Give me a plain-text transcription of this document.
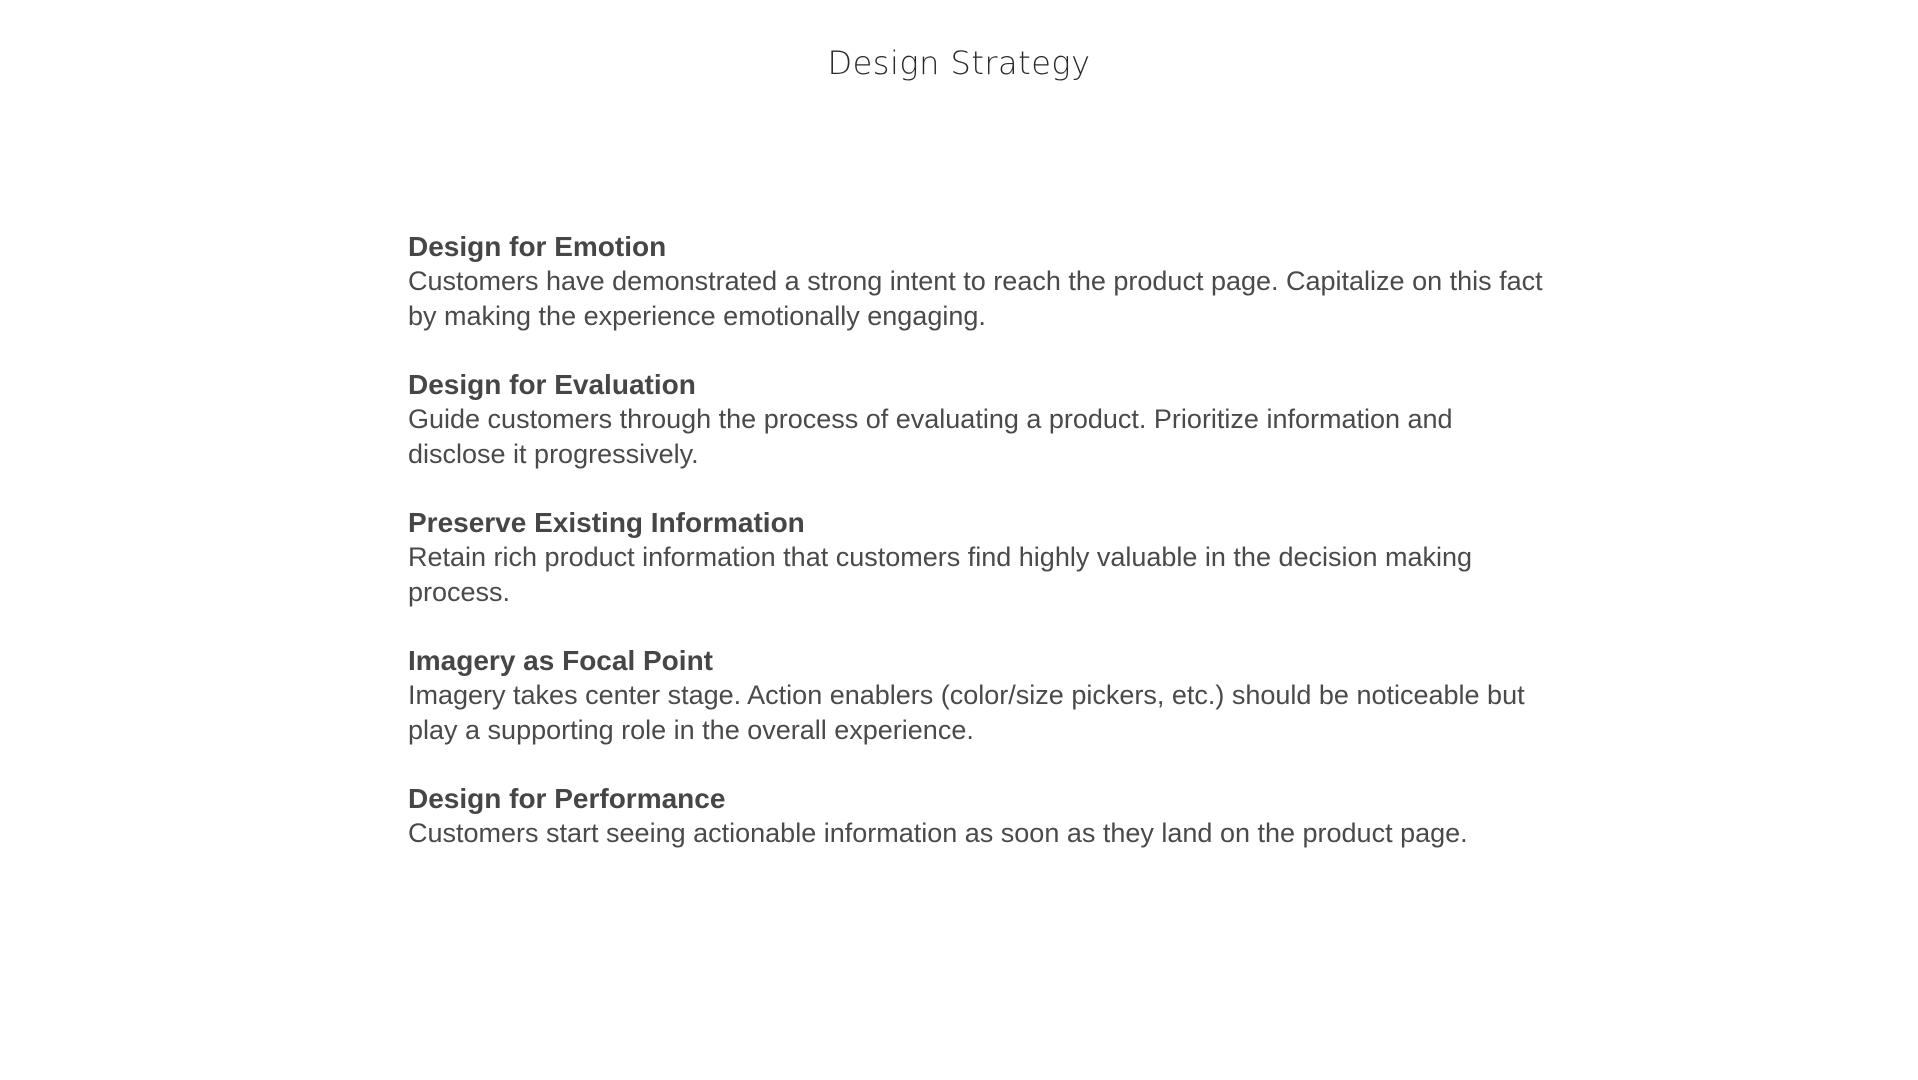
Design Strategy

Design for Emotion

Customers have demonstrated a strong intent to reach the product page. Capitalize on this fact by making the experience emotionally engaging.

Design for Evaluation

Guide customers through the process of evaluating a product. Prioritize information and disclose it progressively.

Preserve Existing Information

Retain rich product information that customers find highly valuable in the decision making process.

Imagery as Focal Point

Imagery takes center stage. Action enablers (color/size pickers, etc.) should be noticeable but play a supporting role in the overall experience.

Design for Performance

Customers start seeing actionable information as soon as they land on the product page.
